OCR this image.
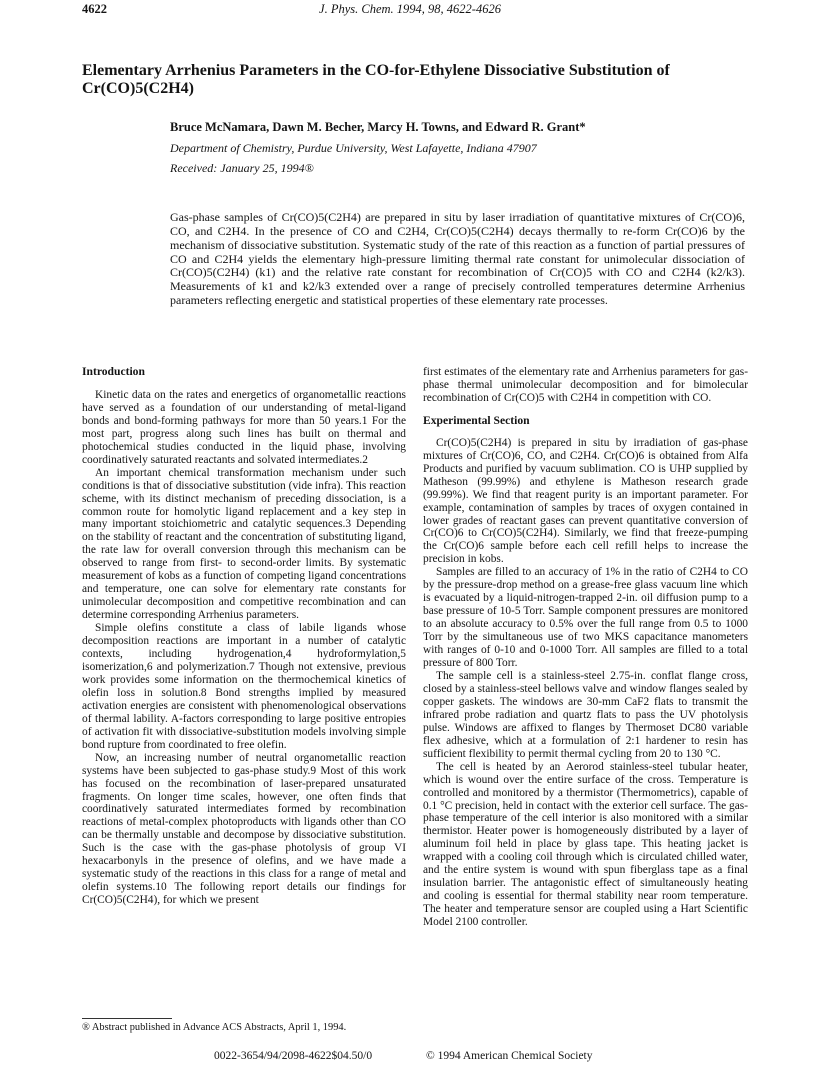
4622	J. Phys. Chem. 1994, 98, 4622-4626
Elementary Arrhenius Parameters in the CO-for-Ethylene Dissociative Substitution of Cr(CO)5(C2H4)
Bruce McNamara, Dawn M. Becher, Marcy H. Towns, and Edward R. Grant*
Department of Chemistry, Purdue University, West Lafayette, Indiana 47907
Received: January 25, 1994®
Gas-phase samples of Cr(CO)5(C2H4) are prepared in situ by laser irradiation of quantitative mixtures of Cr(CO)6, CO, and C2H4. In the presence of CO and C2H4, Cr(CO)5(C2H4) decays thermally to re-form Cr(CO)6 by the mechanism of dissociative substitution. Systematic study of the rate of this reaction as a function of partial pressures of CO and C2H4 yields the elementary high-pressure limiting thermal rate constant for unimolecular dissociation of Cr(CO)5(C2H4) (k1) and the relative rate constant for recombination of Cr(CO)5 with CO and C2H4 (k2/k3). Measurements of k1 and k2/k3 extended over a range of precisely controlled temperatures determine Arrhenius parameters reflecting energetic and statistical properties of these elementary rate processes.

Introduction

Kinetic data on the rates and energetics of organometallic reactions have served as a foundation of our understanding of metal-ligand bonds and bond-forming pathways for more than 50 years.1 For the most part, progress along such lines has built on thermal and photochemical studies conducted in the liquid phase, involving coordinatively saturated reactants and solvated intermediates.2

An important chemical transformation mechanism under such conditions is that of dissociative substitution (vide infra). This reaction scheme, with its distinct mechanism of preceding dissociation, is a common route for homolytic ligand replacement and a key step in many important stoichiometric and catalytic sequences.3 Depending on the stability of reactant and the concentration of substituting ligand, the rate law for overall conversion through this mechanism can be observed to range from first- to second-order limits. By systematic measurement of kobs as a function of competing ligand concentrations and temperature, one can solve for elementary rate constants for unimolecular decomposition and competitive recombination and can determine corresponding Arrhenius parameters.

Simple olefins constitute a class of labile ligands whose decomposition reactions are important in a number of catalytic contexts, including hydrogenation,4 hydroformylation,5 isomerization,6 and polymerization.7 Though not extensive, previous work provides some information on the thermochemical kinetics of olefin loss in solution.8 Bond strengths implied by measured activation energies are consistent with phenomenological observations of thermal lability. A-factors corresponding to large positive entropies of activation fit with dissociative-substitution models involving simple bond rupture from coordinated to free olefin.

Now, an increasing number of neutral organometallic reaction systems have been subjected to gas-phase study.9 Most of this work has focused on the recombination of laser-prepared unsaturated fragments. On longer time scales, however, one often finds that coordinatively saturated intermediates formed by recombination reactions of metal-complex photoproducts with ligands other than CO can be thermally unstable and decompose by dissociative substitution. Such is the case with the gas-phase photolysis of group VI hexacarbonyls in the presence of olefins, and we have made a systematic study of the reactions in this class for a range of metal and olefin systems.10 The following report details our findings for Cr(CO)5(C2H4), for which we present

first estimates of the elementary rate and Arrhenius parameters for gas-phase thermal unimolecular decomposition and for bimolecular recombination of Cr(CO)5 with C2H4 in competition with CO.

Experimental Section

Cr(CO)5(C2H4) is prepared in situ by irradiation of gas-phase mixtures of Cr(CO)6, CO, and C2H4. Cr(CO)6 is obtained from Alfa Products and purified by vacuum sublimation. CO is UHP supplied by Matheson (99.99%) and ethylene is Matheson research grade (99.99%). We find that reagent purity is an important parameter. For example, contamination of samples by traces of oxygen contained in lower grades of reactant gases can prevent quantitative conversion of Cr(CO)6 to Cr(CO)5(C2H4). Similarly, we find that freeze-pumping the Cr(CO)6 sample before each cell refill helps to increase the precision in kobs.

Samples are filled to an accuracy of 1% in the ratio of C2H4 to CO by the pressure-drop method on a grease-free glass vacuum line which is evacuated by a liquid-nitrogen-trapped 2-in. oil diffusion pump to a base pressure of 10-5 Torr. Sample component pressures are monitored to an absolute accuracy to 0.5% over the full range from 0.5 to 1000 Torr by the simultaneous use of two MKS capacitance manometers with ranges of 0-10 and 0-1000 Torr. All samples are filled to a total pressure of 800 Torr.

The sample cell is a stainless-steel 2.75-in. conflat flange cross, closed by a stainless-steel bellows valve and window flanges sealed by copper gaskets. The windows are 30-mm CaF2 flats to transmit the infrared probe radiation and quartz flats to pass the UV photolysis pulse. Windows are affixed to flanges by Thermoset DC80 variable flex adhesive, which at a formulation of 2:1 hardener to resin has sufficient flexibility to permit thermal cycling from 20 to 130 °C.

The cell is heated by an Aerorod stainless-steel tubular heater, which is wound over the entire surface of the cross. Temperature is controlled and monitored by a thermistor (Thermometrics), capable of 0.1 °C precision, held in contact with the exterior cell surface. The gas-phase temperature of the cell interior is also monitored with a similar thermistor. Heater power is homogeneously distributed by a layer of aluminum foil held in place by glass tape. This heating jacket is wrapped with a cooling coil through which is circulated chilled water, and the entire system is wound with spun fiberglass tape as a final insulation barrier. The antagonistic effect of simultaneously heating and cooling is essential for thermal stability near room temperature. The heater and temperature sensor are coupled using a Hart Scientific Model 2100 controller.

® Abstract published in Advance ACS Abstracts, April 1, 1994.
0022-3654/94/2098-4622$04.50/0	© 1994 American Chemical Society
